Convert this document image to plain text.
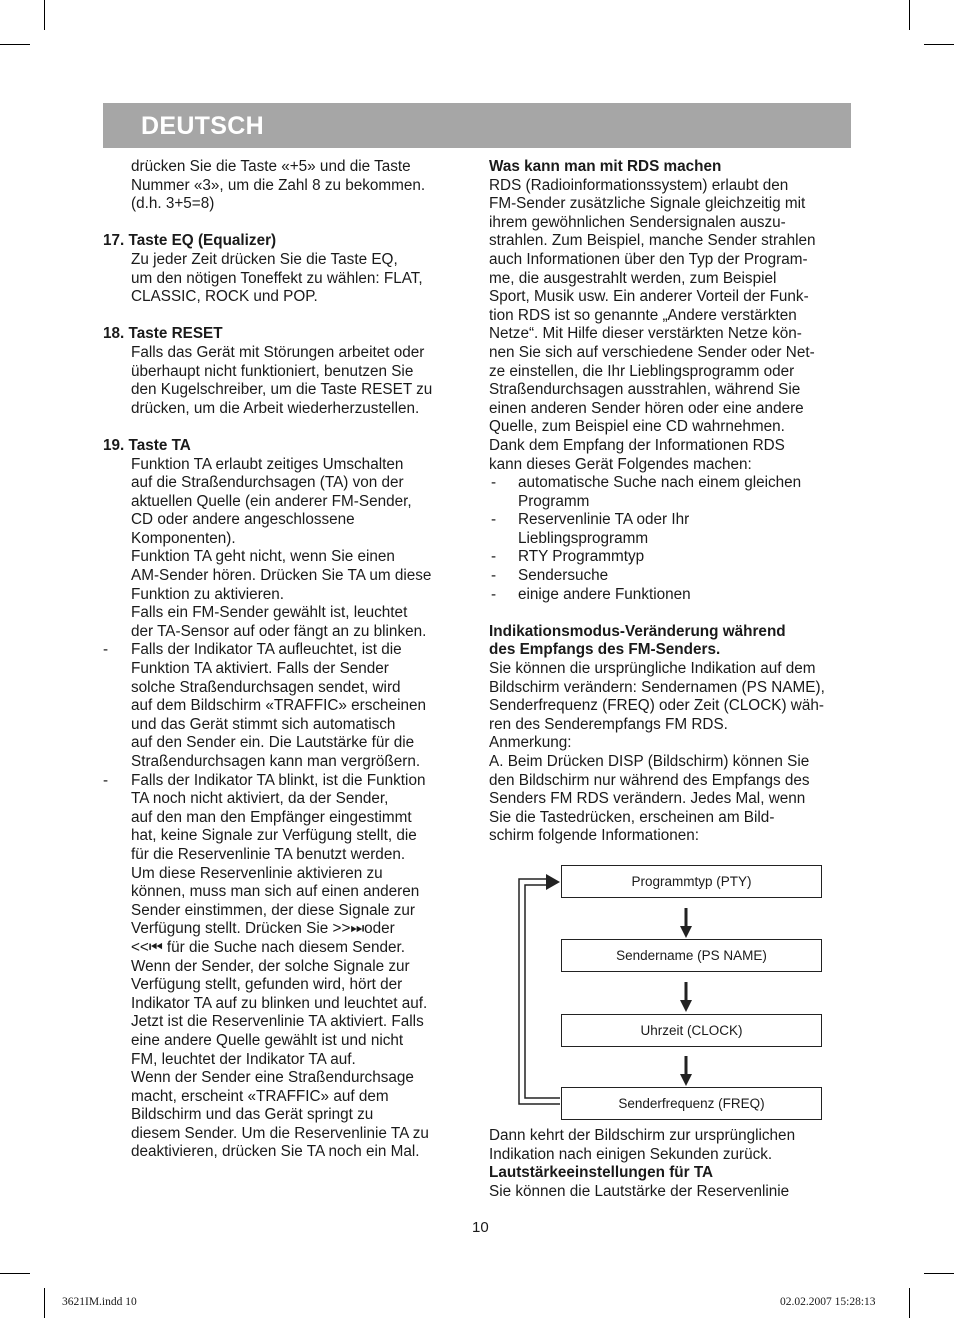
DEUTSCH

drücken Sie die Taste «+5» und die Taste

Nummer «3», um die Zahl 8 zu bekommen.

(d.h. 3+5=8)

17. Taste EQ (Equalizer)

Zu jeder Zeit drücken Sie die Taste EQ,

um den nötigen Toneffekt zu wählen: FLAT,

CLASSIC, ROCK und POP.

18. Taste RESET

Falls das Gerät mit Störungen arbeitet oder

überhaupt nicht funktioniert, benutzen Sie

den Kugelschreiber, um die Taste RESET zu

drücken, um die Arbeit wiederherzustellen.

19. Taste TA

Funktion TA erlaubt zeitiges Umschalten

auf die Straßendurchsagen (TA) von der

aktuellen Quelle (ein anderer FM-Sender,

CD oder andere angeschlossene

Komponenten).

Funktion TA geht nicht, wenn Sie einen

AM-Sender hören. Drücken Sie TA um diese

Funktion zu aktivieren.

Falls ein FM-Sender gewählt ist, leuchtet

der TA-Sensor auf oder fängt an zu blinken.

- Falls der Indikator TA aufleuchtet, ist die

Funktion TA aktiviert. Falls der Sender

solche Straßendurchsagen sendet, wird

auf dem Bildschirm «TRAFFIC» erscheinen

und das Gerät stimmt sich automatisch

auf den Sender ein. Die Lautstärke für die

Straßendurchsagen kann man vergrößern.

- Falls der Indikator TA blinkt, ist die Funktion

TA noch nicht aktiviert, da der Sender,

auf den man den Empfänger eingestimmt

hat, keine Signale zur Verfügung stellt, die

für die Reservenlinie TA benutzt werden.

Um diese Reservenlinie aktivieren zu

können, muss man sich auf einen anderen

Sender einstimmen, der diese Signale zur

Verfügung stellt. Drücken Sie >>⏭oder

<<⏮ für die Suche nach diesem Sender.

Wenn der Sender, der solche Signale zur

Verfügung stellt, gefunden wird, hört der

Indikator TA auf zu blinken und leuchtet auf.

Jetzt ist die Reservenlinie TA aktiviert. Falls

eine andere Quelle gewählt ist und nicht

FM, leuchtet der Indikator TA auf.

Wenn der Sender eine Straßendurchsage

macht, erscheint «TRAFFIC» auf dem

Bildschirm und das Gerät springt zu

diesem Sender. Um die Reservenlinie TA zu

deaktivieren, drücken Sie TA noch ein Mal.

Was kann man mit RDS machen

RDS (Radioinformationssystem) erlaubt den

FM-Sender zusätzliche Signale gleichzeitig mit

ihrem gewöhnlichen Sendersignalen auszu-

strahlen. Zum Beispiel, manche Sender strahlen

auch Informationen über den Typ der Program-

me, die ausgestrahlt werden, zum Beispiel

Sport, Musik usw. Ein anderer Vorteil der Funk-

tion RDS ist so genannte „Andere verstärkten

Netze“. Mit Hilfe dieser verstärkten Netze kön-

nen Sie sich auf verschiedene Sender oder Net-

ze einstellen, die Ihr Lieblingsprogramm oder

Straßendurchsagen ausstrahlen, während Sie

einen anderen Sender hören oder eine andere

Quelle, zum Beispiel eine CD wahrnehmen.

Dank dem Empfang der Informationen RDS

kann dieses Gerät Folgendes machen:

- automatische Suche nach einem gleichen

Programm

- Reservenlinie TA oder Ihr

Lieblingsprogramm

- RTY Programmtyp

- Sendersuche

- einige andere Funktionen

Indikationsmodus-Veränderung während

des Empfangs des FM-Senders.

Sie können die ursprüngliche Indikation auf dem

Bildschirm verändern: Sendernamen (PS NAME),

Senderfrequenz (FREQ) oder Zeit (CLOCK) wäh-

ren des Senderempfangs FM RDS.

Anmerkung:

A. Beim Drücken DISP (Bildschirm) können Sie

den Bildschirm nur während des Empfangs des

Senders FM RDS verändern. Jedes Mal, wenn

Sie die Tastedrücken, erscheinen am Bild-

schirm folgende Informationen:

Programmtyp (PTY)
Sendername (PS NAME)
Uhrzeit (CLOCK)
Senderfrequenz (FREQ)

Dann kehrt der Bildschirm zur ursprünglichen

Indikation nach einigen Sekunden zurück.

Lautstärkeeinstellungen für TA

Sie können die Lautstärke der Reservenlinie

10
3621IM.indd 10	02.02.2007 15:28:13
